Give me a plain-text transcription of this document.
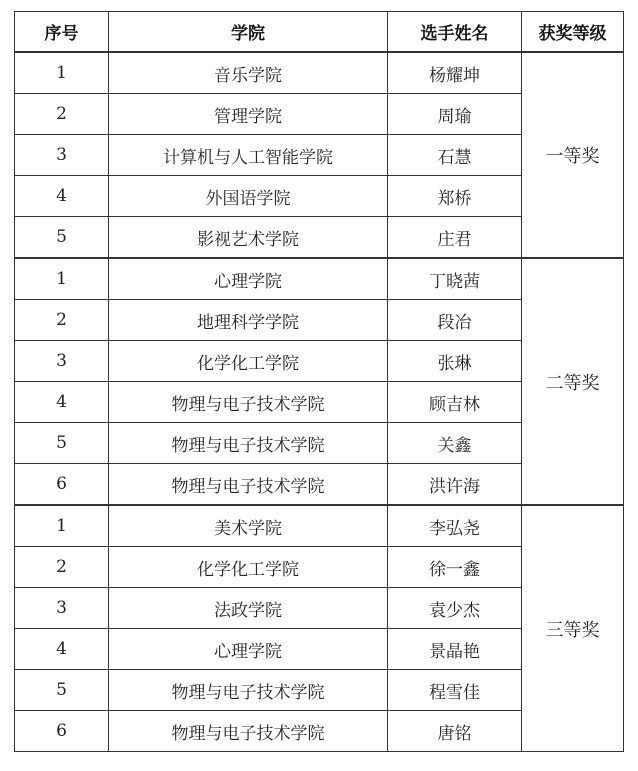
序号	学院	选手姓名	获奖等级
1	音乐学院	杨耀坤	一等奖
2	管理学院	周瑜	
3	计算机与人工智能学院	石慧	
4	外国语学院	郑桥	
5	影视艺术学院	庄君	
1	心理学院	丁晓茜	二等奖
2	地理科学学院	段冶	
3	化学化工学院	张琳	
4	物理与电子技术学院	顾吉林	
5	物理与电子技术学院	关鑫	
6	物理与电子技术学院	洪许海	
1	美术学院	李弘尧	三等奖
2	化学化工学院	徐一鑫	
3	法政学院	袁少杰	
4	心理学院	景晶艳	
5	物理与电子技术学院	程雪佳	
6	物理与电子技术学院	唐铭	
